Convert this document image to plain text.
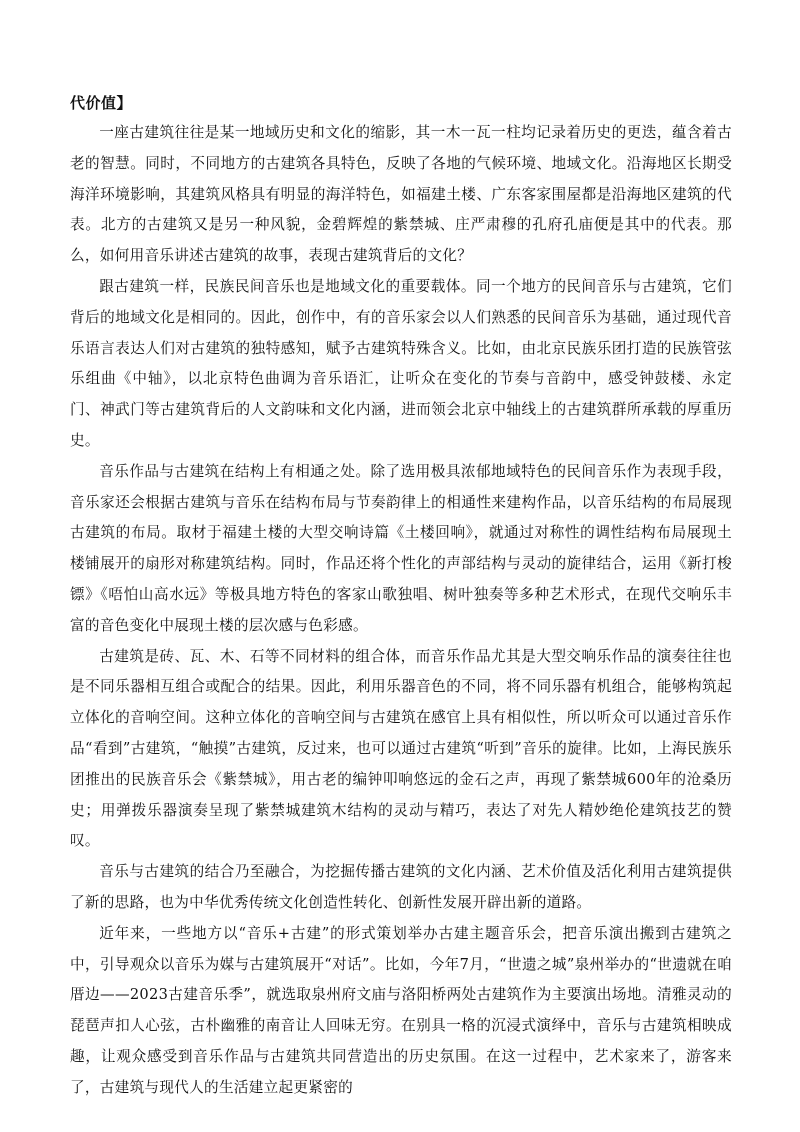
代价值】

一座古建筑往往是某一地域历史和文化的缩影，其一木一瓦一柱均记录着历史的更迭，蕴含着古老的智慧。同时，不同地方的古建筑各具特色，反映了各地的气候环境、地域文化。沿海地区长期受海洋环境影响，其建筑风格具有明显的海洋特色，如福建土楼、广东客家围屋都是沿海地区建筑的代表。北方的古建筑又是另一种风貌，金碧辉煌的紫禁城、庄严肃穆的孔府孔庙便是其中的代表。那么，如何用音乐讲述古建筑的故事，表现古建筑背后的文化？

跟古建筑一样，民族民间音乐也是地域文化的重要载体。同一个地方的民间音乐与古建筑，它们背后的地域文化是相同的。因此，创作中，有的音乐家会以人们熟悉的民间音乐为基础，通过现代音乐语言表达人们对古建筑的独特感知，赋予古建筑特殊含义。比如，由北京民族乐团打造的民族管弦乐组曲《中轴》，以北京特色曲调为音乐语汇，让听众在变化的节奏与音韵中，感受钟鼓楼、永定门、神武门等古建筑背后的人文韵味和文化内涵，进而领会北京中轴线上的古建筑群所承载的厚重历史。

音乐作品与古建筑在结构上有相通之处。除了选用极具浓郁地域特色的民间音乐作为表现手段，音乐家还会根据古建筑与音乐在结构布局与节奏韵律上的相通性来建构作品，以音乐结构的布局展现古建筑的布局。取材于福建土楼的大型交响诗篇《土楼回响》，就通过对称性的调性结构布局展现土楼铺展开的扇形对称建筑结构。同时，作品还将个性化的声部结构与灵动的旋律结合，运用《新打梭镖》《唔怕山高水远》等极具地方特色的客家山歌独唱、树叶独奏等多种艺术形式，在现代交响乐丰富的音色变化中展现土楼的层次感与色彩感。

古建筑是砖、瓦、木、石等不同材料的组合体，而音乐作品尤其是大型交响乐作品的演奏往往也是不同乐器相互组合或配合的结果。因此，利用乐器音色的不同，将不同乐器有机组合，能够构筑起立体化的音响空间。这种立体化的音响空间与古建筑在感官上具有相似性，所以听众可以通过音乐作品“看到”古建筑，“触摸”古建筑，反过来，也可以通过古建筑“听到”音乐的旋律。比如，上海民族乐团推出的民族音乐会《紫禁城》，用古老的编钟叩响悠远的金石之声，再现了紫禁城600年的沧桑历史；用弹拨乐器演奏呈现了紫禁城建筑木结构的灵动与精巧，表达了对先人精妙绝伦建筑技艺的赞叹。

音乐与古建筑的结合乃至融合，为挖掘传播古建筑的文化内涵、艺术价值及活化利用古建筑提供了新的思路，也为中华优秀传统文化创造性转化、创新性发展开辟出新的道路。

近年来，一些地方以“音乐+古建”的形式策划举办古建主题音乐会，把音乐演出搬到古建筑之中，引导观众以音乐为媒与古建筑展开“对话”。比如，今年7月，“世遗之城”泉州举办的“世遗就在咱厝边——2023古建音乐季”，就选取泉州府文庙与洛阳桥两处古建筑作为主要演出场地。清雅灵动的琵琶声扣人心弦，古朴幽雅的南音让人回味无穷。在别具一格的沉浸式演绎中，音乐与古建筑相映成趣，让观众感受到音乐作品与古建筑共同营造出的历史氛围。在这一过程中，艺术家来了，游客来了，古建筑与现代人的生活建立起更紧密的
